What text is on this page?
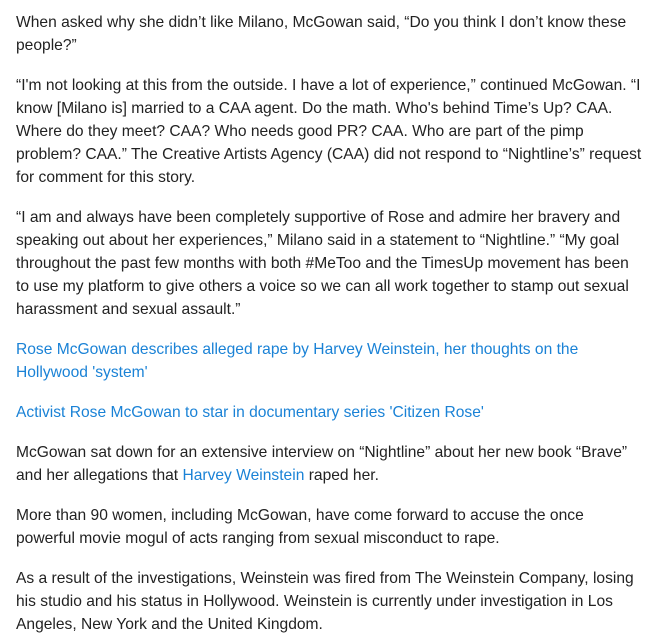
When asked why she didn’t like Milano, McGowan said, “Do you think I don’t know these people?”

“I'm not looking at this from the outside. I have a lot of experience,” continued McGowan. “I know [Milano is] married to a CAA agent. Do the math. Who's behind Time’s Up? CAA. Where do they meet? CAA? Who needs good PR? CAA. Who are part of the pimp problem? CAA.” The Creative Artists Agency (CAA) did not respond to “Nightline’s” request for comment for this story.

“I am and always have been completely supportive of Rose and admire her bravery and speaking out about her experiences,” Milano said in a statement to “Nightline.” “My goal throughout the past few months with both #MeToo and the TimesUp movement has been to use my platform to give others a voice so we can all work together to stamp out sexual harassment and sexual assault.”

Rose McGowan describes alleged rape by Harvey Weinstein, her thoughts on the Hollywood 'system'
Activist Rose McGowan to star in documentary series 'Citizen Rose'

McGowan sat down for an extensive interview on “Nightline” about her new book “Brave” and her allegations that Harvey Weinstein raped her.

More than 90 women, including McGowan, have come forward to accuse the once powerful movie mogul of acts ranging from sexual misconduct to rape.

As a result of the investigations, Weinstein was fired from The Weinstein Company, losing his studio and his status in Hollywood. Weinstein is currently under investigation in Los Angeles, New York and the United Kingdom.
